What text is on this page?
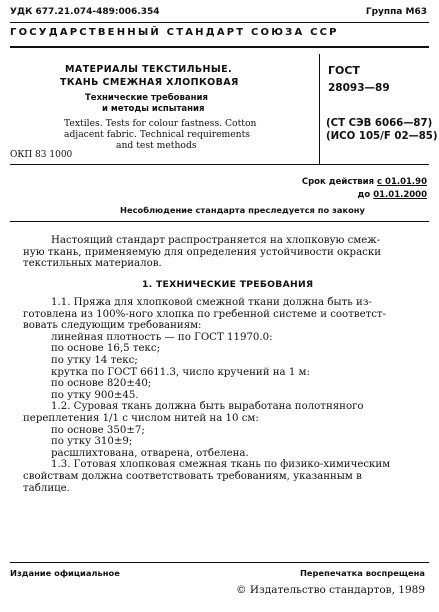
УДК 677.21.074-489:006.354	Группа М63
ГОСУДАРСТВЕННЫЙ СТАНДАРТ СОЮЗА ССР
МАТЕРИАЛЫ ТЕКСТИЛЬНЫЕ.
ТКАНЬ СМЕЖНАЯ ХЛОПКОВАЯ
Технические требования
и методы испытания
Textiles. Tests for colour fastness. Cotton
adjacent fabric. Technical requirements
and test methods
ОКП 83 1000
ГОСТ
28093—89
(СТ СЭВ 6066—87)
(ИСО 105/F 02—85)
Срок действия с 01.01.90
до 01.01.2000
Несоблюдение стандарта преследуется по закону
Настоящий стандарт распространяется на хлопковую смеж-
ную ткань, применяемую для определения устойчивости окраски
текстильных материалов.
1. ТЕХНИЧЕСКИЕ ТРЕБОВАНИЯ
1.1. Пряжа для хлопковой смежной ткани должна быть из-
готовлена из 100%-ного хлопка по гребенной системе и соответст-
вовать следующим требованиям:
линейная плотность — по ГОСТ 11970.0:
по основе 16,5 текс;
по утку 14 текс;
крутка по ГОСТ 6611.3, число кручений на 1 м:
по основе 820±40;
по утку 900±45.
1.2. Суровая ткань должна быть выработана полотняного
переплетения 1/1 с числом нитей на 10 см:
по основе 350±7;
по утку 310±9;
расшлихтована, отварена, отбелена.
1.3. Готовая хлопковая смежная ткань по физико-химическим
свойствам должна соответствовать требованиям, указанным в
таблице.
Издание официальное	Перепечатка воспрещена
© Издательство стандартов, 1989
